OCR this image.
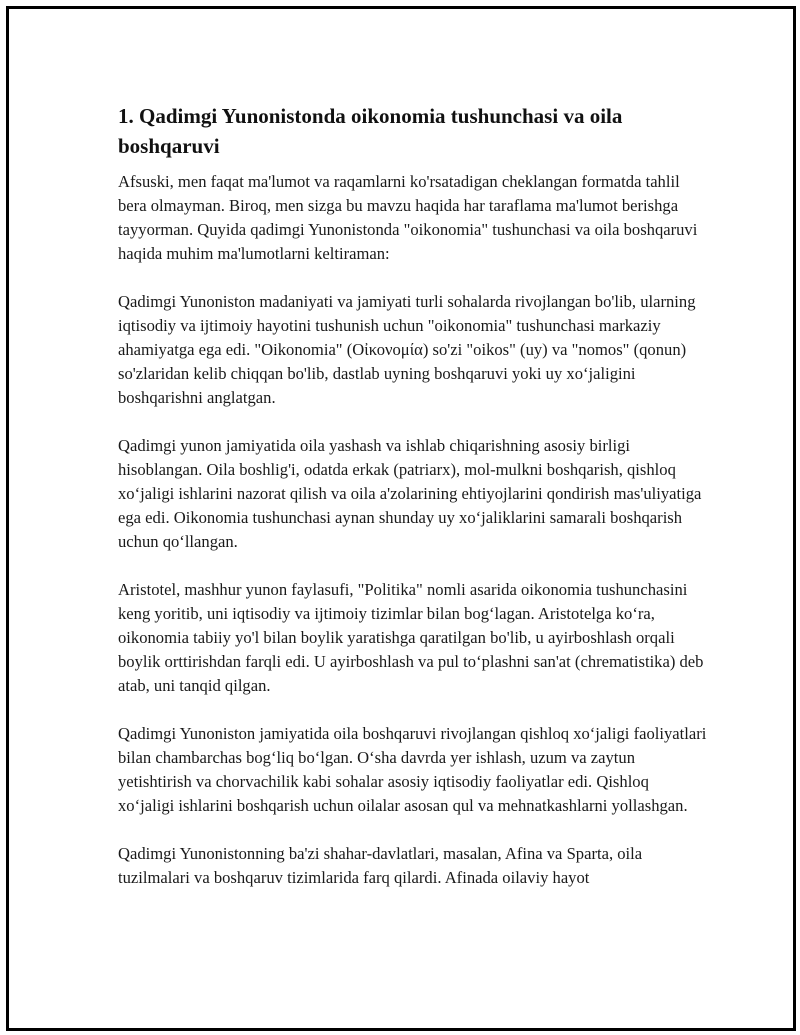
1. Qadimgi Yunonistonda oikonomia tushunchasi va oila boshqaruvi

Afsuski, men faqat ma'lumot va raqamlarni ko'rsatadigan cheklangan formatda tahlil bera olmayman. Biroq, men sizga bu mavzu haqida har taraflama ma'lumot berishga tayyorman. Quyida qadimgi Yunonistonda "oikonomia" tushunchasi va oila boshqaruvi haqida muhim ma'lumotlarni keltiraman:

Qadimgi Yunoniston madaniyati va jamiyati turli sohalarda rivojlangan bo'lib, ularning iqtisodiy va ijtimoiy hayotini tushunish uchun "oikonomia" tushunchasi markaziy ahamiyatga ega edi. "Oikonomia" (Οἰκονομία) so'zi "oikos" (uy) va "nomos" (qonun) so'zlaridan kelib chiqqan bo'lib, dastlab uyning boshqaruvi yoki uy xo‘jaligini boshqarishni anglatgan.

Qadimgi yunon jamiyatida oila yashash va ishlab chiqarishning asosiy birligi hisoblangan. Oila boshlig'i, odatda erkak (patriarx), mol-mulkni boshqarish, qishloq xo‘jaligi ishlarini nazorat qilish va oila a'zolarining ehtiyojlarini qondirish mas'uliyatiga ega edi. Oikonomia tushunchasi aynan shunday uy xo‘jaliklarini samarali boshqarish uchun qo‘llangan.

Aristotel, mashhur yunon faylasufi, "Politika" nomli asarida oikonomia tushunchasini keng yoritib, uni iqtisodiy va ijtimoiy tizimlar bilan bog‘lagan. Aristotelga ko‘ra, oikonomia tabiiy yo'l bilan boylik yaratishga qaratilgan bo'lib, u ayirboshlash orqali boylik orttirishdan farqli edi. U ayirboshlash va pul to‘plashni san'at (chrematistika) deb atab, uni tanqid qilgan.

Qadimgi Yunoniston jamiyatida oila boshqaruvi rivojlangan qishloq xo‘jaligi faoliyatlari bilan chambarchas bog‘liq bo‘lgan. O‘sha davrda yer ishlash, uzum va zaytun yetishtirish va chorvachilik kabi sohalar asosiy iqtisodiy faoliyatlar edi. Qishloq xo‘jaligi ishlarini boshqarish uchun oilalar asosan qul va mehnatkashlarni yollashgan.

Qadimgi Yunonistonning ba'zi shahar-davlatlari, masalan, Afina va Sparta, oila tuzilmalari va boshqaruv tizimlarida farq qilardi. Afinada oilaviy hayot
